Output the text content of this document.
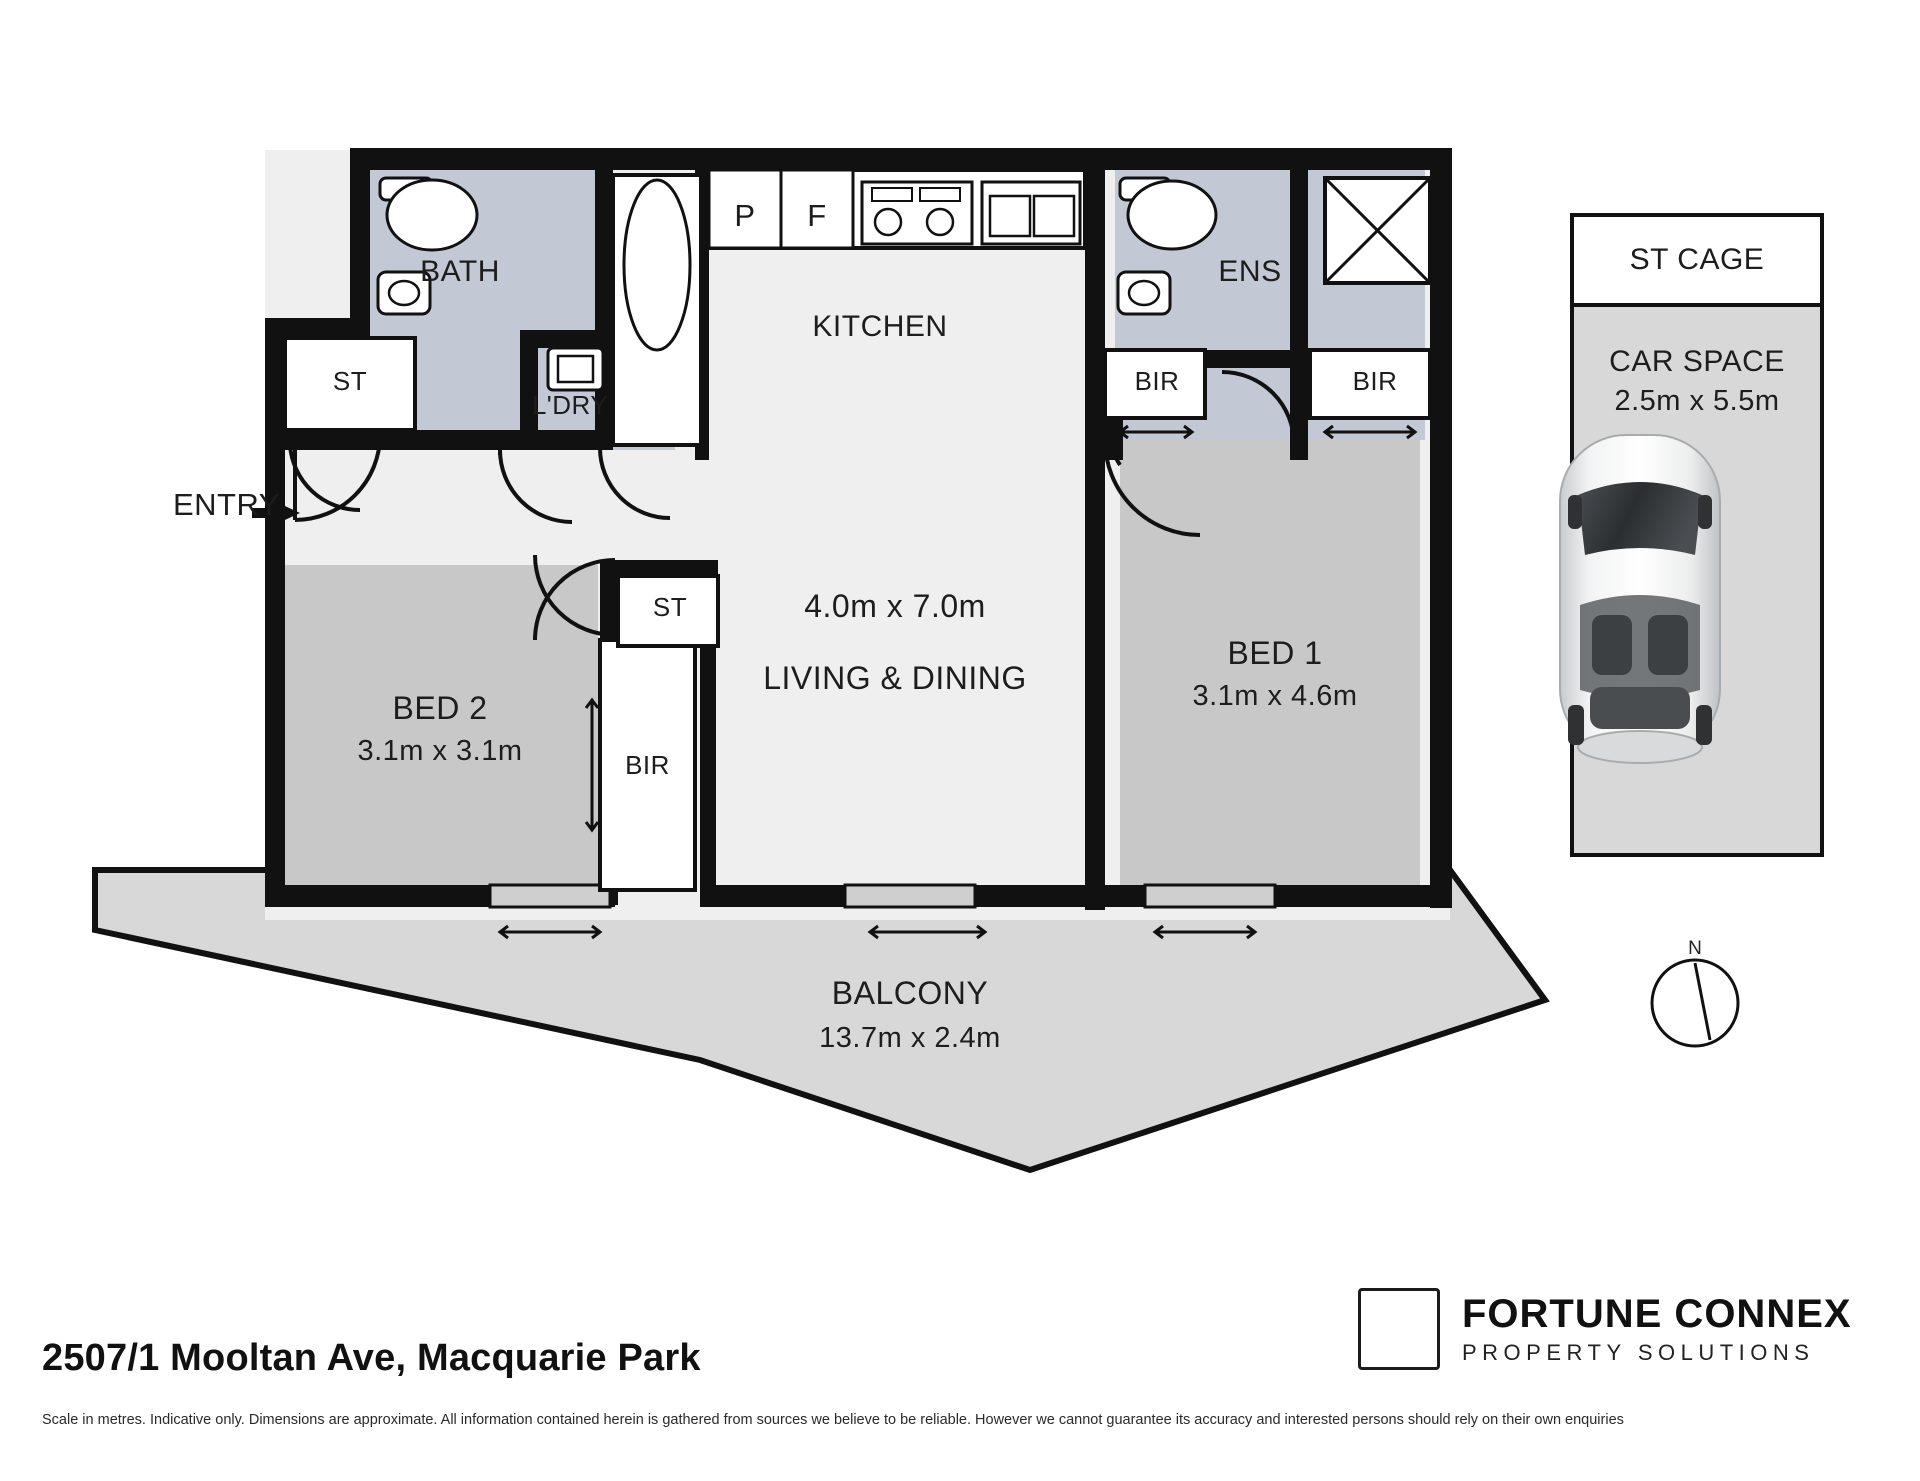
BATH
L'DRY
ST
ST
KITCHEN
P	F
ENS
BIR	BIR
BIR
4.0m x 7.0m
LIVING & DINING
BED 1
3.1m x 4.6m
BED 2
3.1m x 3.1m
BALCONY
13.7m x 2.4m
ENTRY
ST CAGE
CAR SPACE
2.5m x 5.5m
N
2507/1 Mooltan Ave, Macquarie Park
Scale in metres. Indicative only. Dimensions are approximate. All information contained herein is gathered from sources we believe to be reliable. However we cannot guarantee its accuracy and interested persons should rely on their own enquiries
FORTUNE CONNEX
PROPERTY SOLUTIONS
